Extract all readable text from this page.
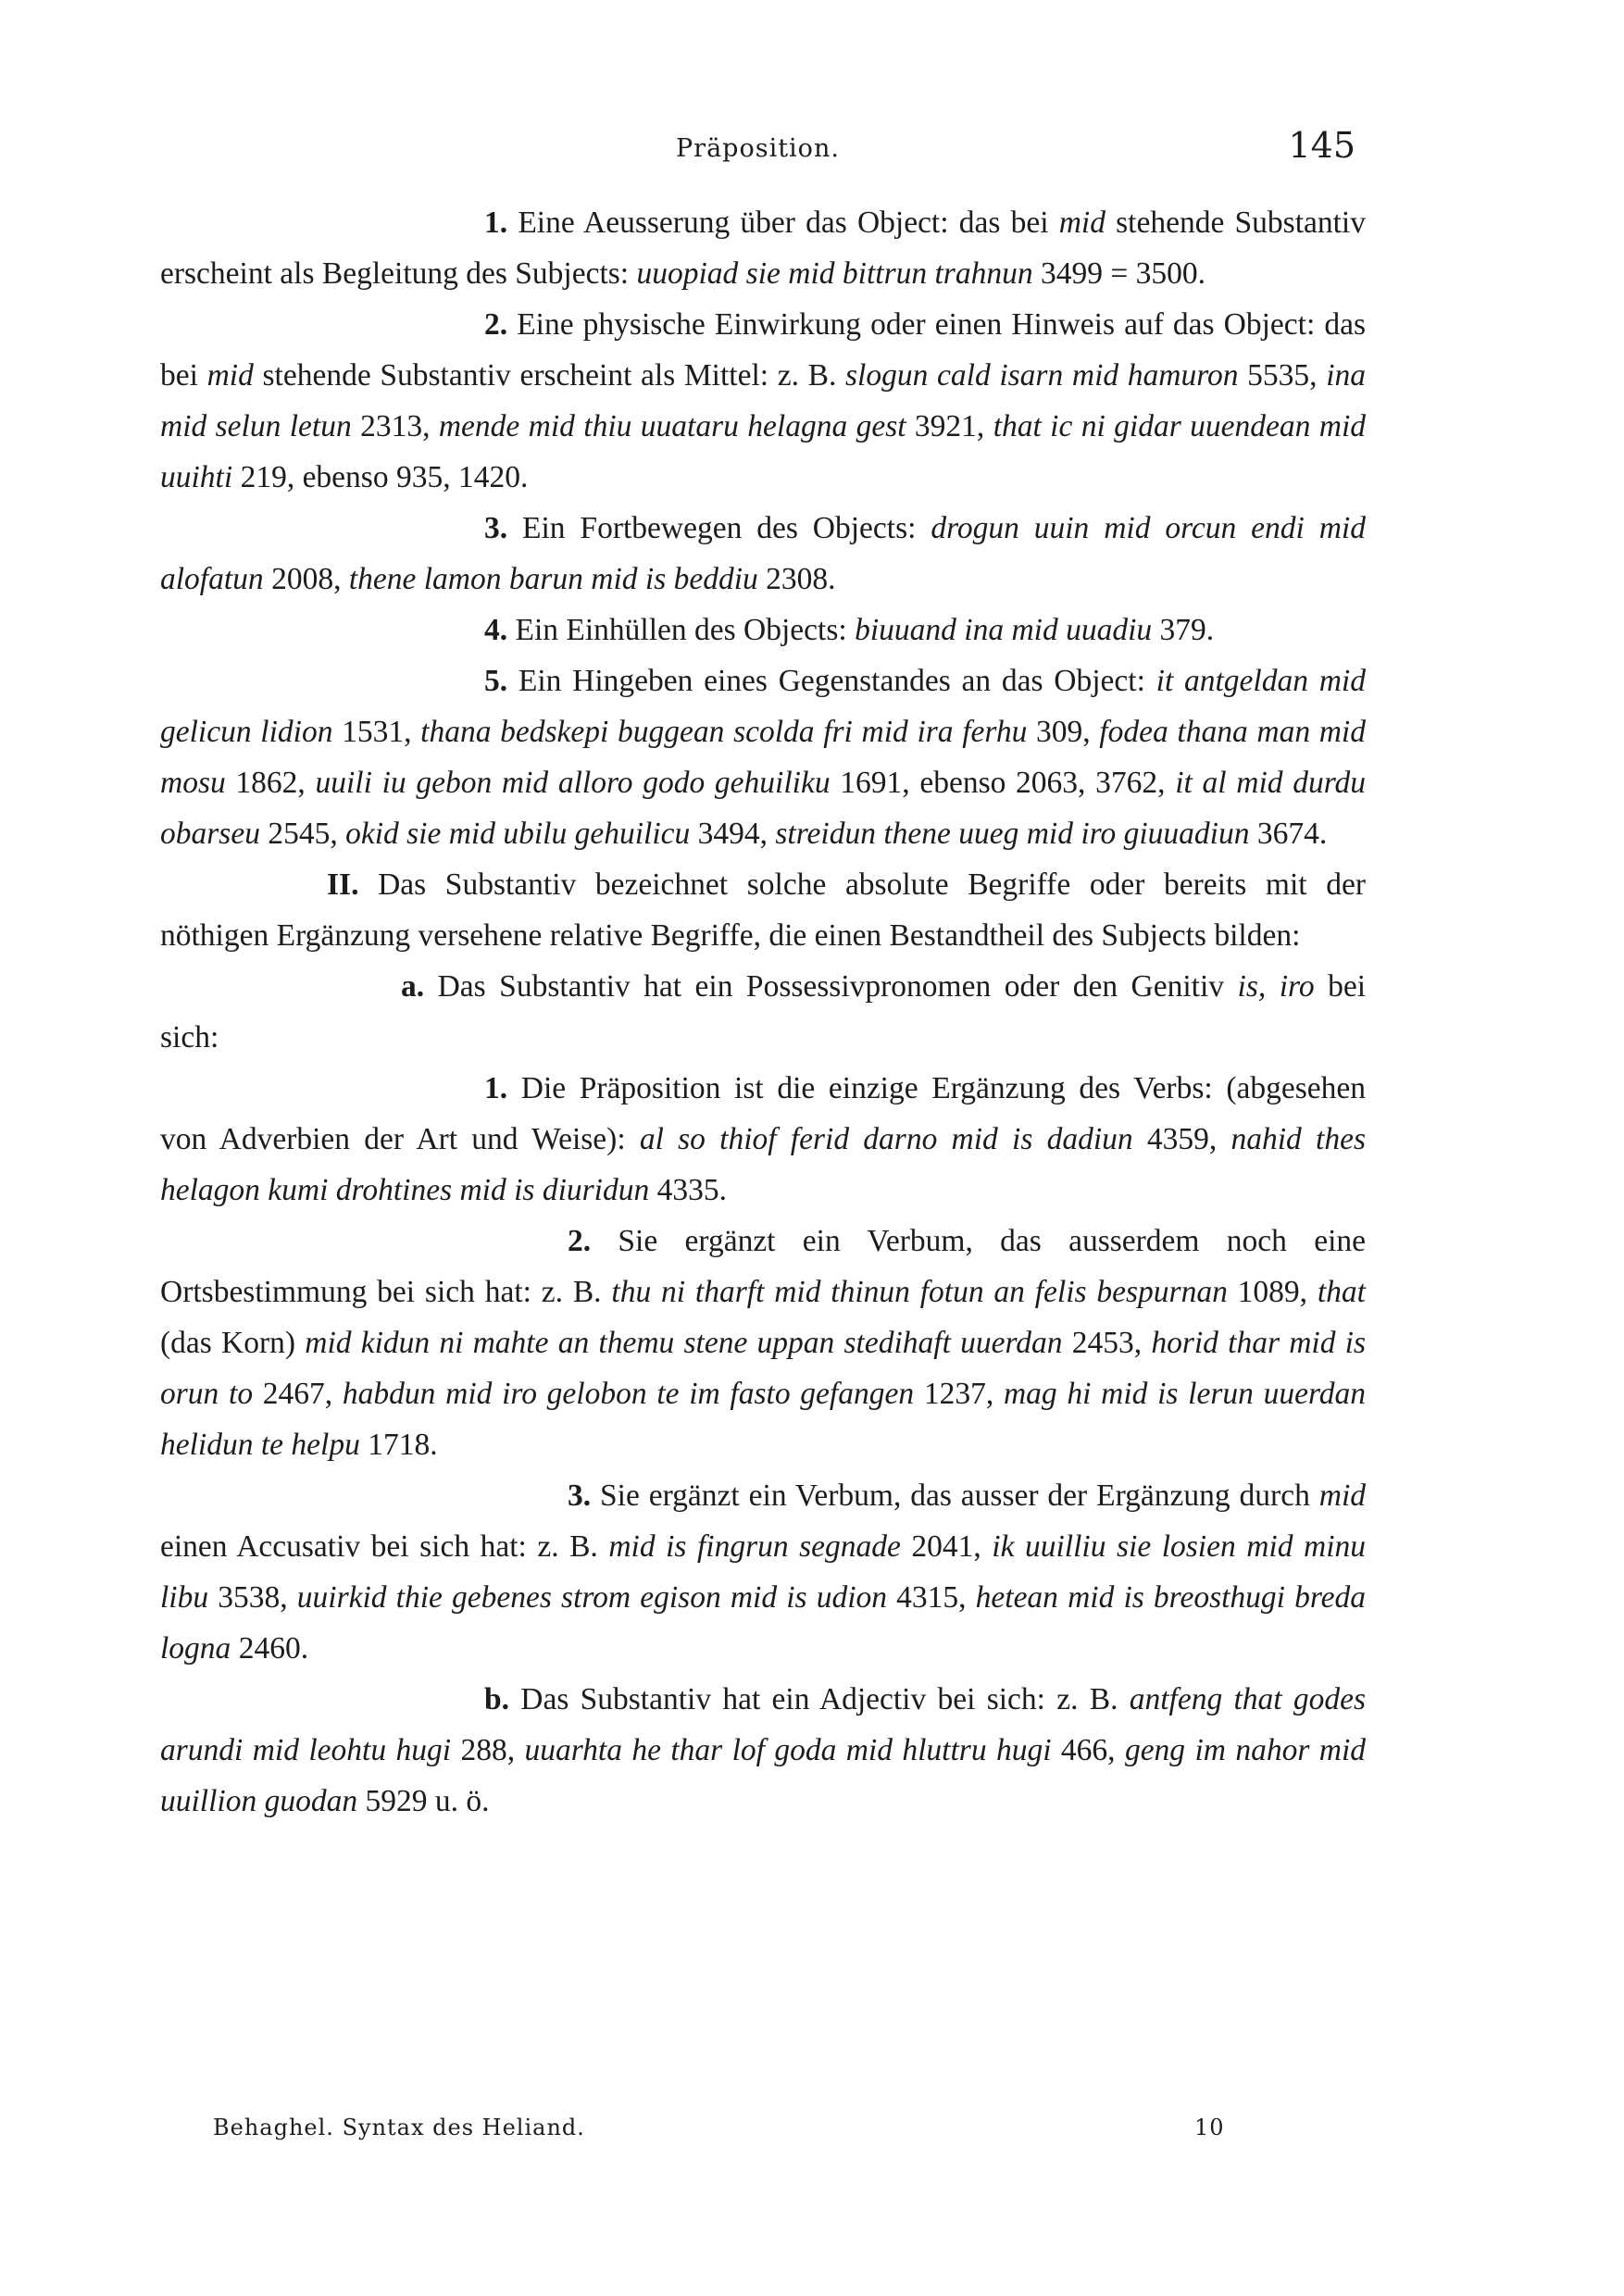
Präposition.	145

1. Eine Aeusserung über das Object: das bei mid stehende Substantiv erscheint als Begleitung des Subjects: uuopiad sie mid bittrun trahnun 3499 = 3500.

2. Eine physische Einwirkung oder einen Hinweis auf das Object: das bei mid stehende Substantiv erscheint als Mittel: z. B. slogun cald isarn mid hamuron 5535, ina mid selun letun 2313, mende mid thiu uuataru helagna gest 3921, that ic ni gidar uuendean mid uuihti 219, ebenso 935, 1420.

3. Ein Fortbewegen des Objects: drogun uuin mid orcun endi mid alofatun 2008, thene lamon barun mid is beddiu 2308.

4. Ein Einhüllen des Objects: biuuand ina mid uuadiu 379.

5. Ein Hingeben eines Gegenstandes an das Object: it antgeldan mid gelicun lidion 1531, thana bedskepi buggean scolda fri mid ira ferhu 309, fodea thana man mid mosu 1862, uuili iu gebon mid alloro godo gehuiliku 1691, ebenso 2063, 3762, it al mid durdu obarseu 2545, okid sie mid ubilu gehuilicu 3494, streidun thene uueg mid iro giuuadiun 3674.

II. Das Substantiv bezeichnet solche absolute Begriffe oder bereits mit der nöthigen Ergänzung versehene relative Begriffe, die einen Bestandtheil des Subjects bilden:

a. Das Substantiv hat ein Possessivpronomen oder den Genitiv is, iro bei sich:

1. Die Präposition ist die einzige Ergänzung des Verbs: (abgesehen von Adverbien der Art und Weise): al so thiof ferid darno mid is dadiun 4359, nahid thes helagon kumi drohtines mid is diuridun 4335.

2. Sie ergänzt ein Verbum, das ausserdem noch eine Ortsbestimmung bei sich hat: z. B. thu ni tharft mid thinun fotun an felis bespurnan 1089, that (das Korn) mid kidun ni mahte an themu stene uppan stedihaft uuerdan 2453, horid thar mid is orun to 2467, habdun mid iro gelobon te im fasto gefangen 1237, mag hi mid is lerun uuerdan helidun te helpu 1718.

3. Sie ergänzt ein Verbum, das ausser der Ergänzung durch mid einen Accusativ bei sich hat: z. B. mid is fingrun segnade 2041, ik uuilliu sie losien mid minu libu 3538, uuirkid thie gebenes strom egison mid is udion 4315, hetean mid is breosthugi breda logna 2460.

b. Das Substantiv hat ein Adjectiv bei sich: z. B. antfeng that godes arundi mid leohtu hugi 288, uuarhta he thar lof goda mid hluttru hugi 466, geng im nahor mid uuillion guodan 5929 u. ö.

Behaghel. Syntax des Heliand.	10
